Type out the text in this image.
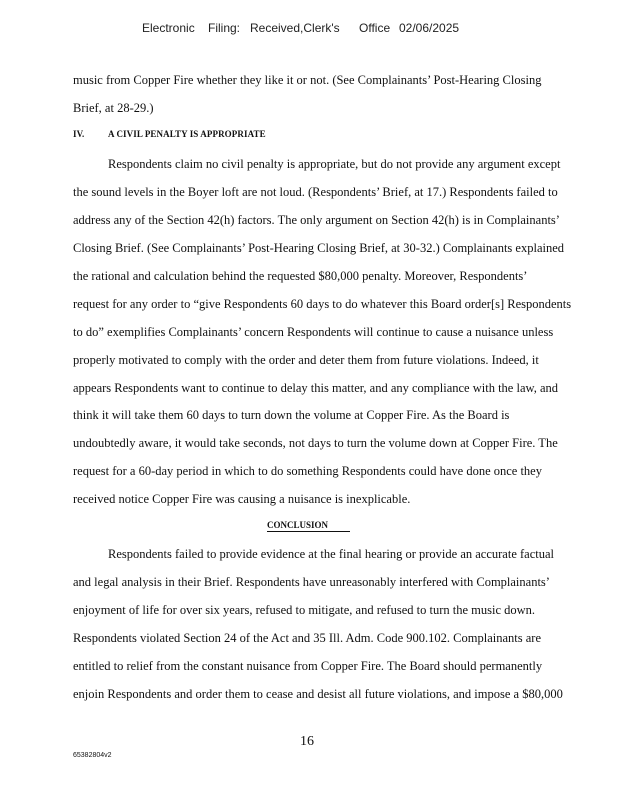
Electronic Filing: Received,Clerk's Office 02/06/2025
music from Copper Fire whether they like it or not. (See Complainants’ Post-Hearing Closing
Brief, at 28-29.)
IV.	A CIVIL PENALTY IS APPROPRIATE
Respondents claim no civil penalty is appropriate, but do not provide any argument except
the sound levels in the Boyer loft are not loud. (Respondents’ Brief, at 17.) Respondents failed to
address any of the Section 42(h) factors. The only argument on Section 42(h) is in Complainants’
Closing Brief. (See Complainants’ Post-Hearing Closing Brief, at 30-32.) Complainants explained
the rational and calculation behind the requested $80,000 penalty. Moreover, Respondents’
request for any order to “give Respondents 60 days to do whatever this Board order[s] Respondents
to do” exemplifies Complainants’ concern Respondents will continue to cause a nuisance unless
properly motivated to comply with the order and deter them from future violations. Indeed, it
appears Respondents want to continue to delay this matter, and any compliance with the law, and
think it will take them 60 days to turn down the volume at Copper Fire. As the Board is
undoubtedly aware, it would take seconds, not days to turn the volume down at Copper Fire. The
request for a 60-day period in which to do something Respondents could have done once they
received notice Copper Fire was causing a nuisance is inexplicable.
CONCLUSION
Respondents failed to provide evidence at the final hearing or provide an accurate factual
and legal analysis in their Brief. Respondents have unreasonably interfered with Complainants’
enjoyment of life for over six years, refused to mitigate, and refused to turn the music down.
Respondents violated Section 24 of the Act and 35 Ill. Adm. Code 900.102. Complainants are
entitled to relief from the constant nuisance from Copper Fire. The Board should permanently
enjoin Respondents and order them to cease and desist all future violations, and impose a $80,000
16
65382804v2
